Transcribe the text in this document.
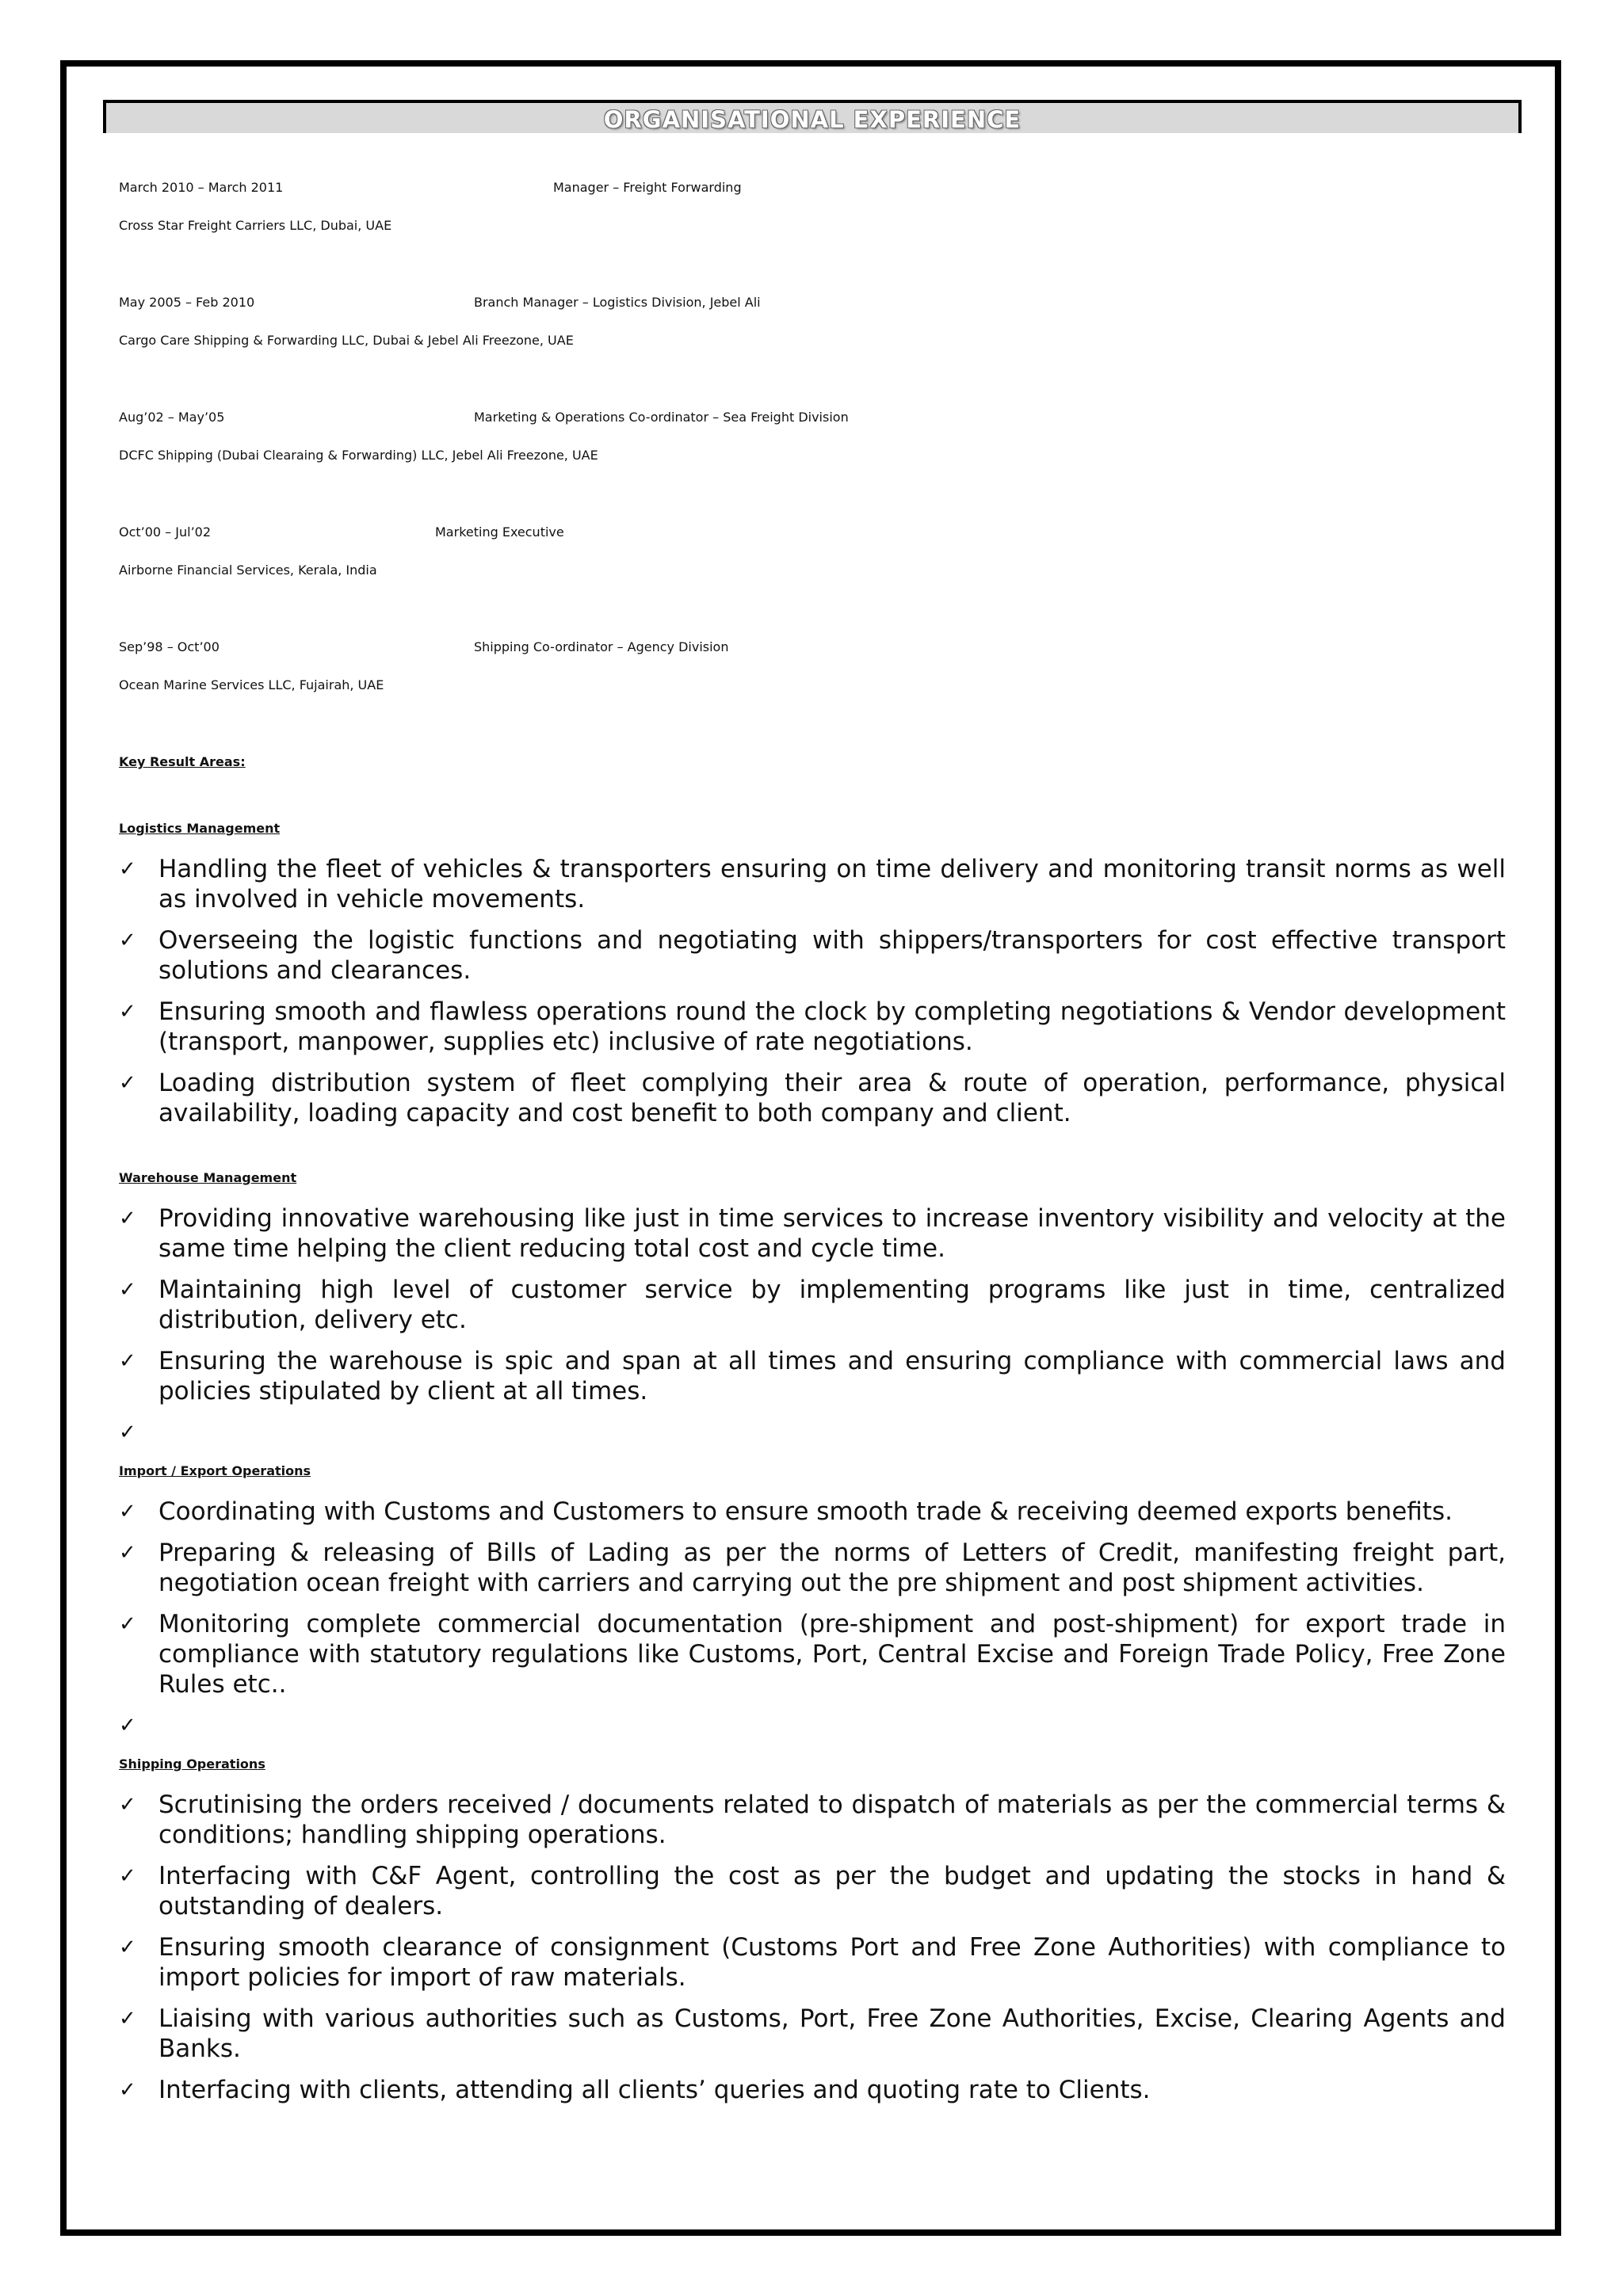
ORGANISATIONAL EXPERIENCE
March 2010 – March 2011	Manager – Freight Forwarding
Cross Star Freight Carriers LLC, Dubai, UAE
May 2005 – Feb 2010	Branch Manager – Logistics Division, Jebel Ali
Cargo Care Shipping & Forwarding LLC, Dubai & Jebel Ali Freezone, UAE
Aug’02 – May’05	Marketing & Operations Co-ordinator – Sea Freight Division
DCFC Shipping (Dubai Clearaing & Forwarding) LLC, Jebel Ali Freezone, UAE
Oct’00 – Jul’02	Marketing Executive
Airborne Financial Services, Kerala, India
Sep’98 – Oct’00	Shipping Co-ordinator – Agency Division
Ocean Marine Services LLC, Fujairah, UAE
Key Result Areas:
Logistics Management
✓ Handling the fleet of vehicles & transporters ensuring on time delivery and monitoring transit norms as well as involved in vehicle movements.
✓ Overseeing the logistic functions and negotiating with shippers/transporters for cost effective transport solutions and clearances.
✓ Ensuring smooth and flawless operations round the clock by completing negotiations & Vendor development (transport, manpower, supplies etc) inclusive of rate negotiations.
✓ Loading distribution system of fleet complying their area & route of operation, performance, physical availability, loading capacity and cost benefit to both company and client.
Warehouse Management
✓ Providing innovative warehousing like just in time services to increase inventory visibility and velocity at the same time helping the client reducing total cost and cycle time.
✓ Maintaining high level of customer service by implementing programs like just in time, centralized distribution, delivery etc.
✓ Ensuring the warehouse is spic and span at all times and ensuring compliance with commercial laws and policies stipulated by client at all times.
✓

Import / Export Operations
✓ Coordinating with Customs and Customers to ensure smooth trade & receiving deemed exports benefits.
✓ Preparing & releasing of Bills of Lading as per the norms of Letters of Credit, manifesting freight part, negotiation ocean freight with carriers and carrying out the pre shipment and post shipment activities.
✓ Monitoring complete commercial documentation (pre-shipment and post-shipment) for export trade in compliance with statutory regulations like Customs, Port, Central Excise and Foreign Trade Policy, Free Zone Rules etc..
✓

Shipping Operations
✓ Scrutinising the orders received / documents related to dispatch of materials as per the commercial terms & conditions; handling shipping operations.
✓ Interfacing with C&F Agent, controlling the cost as per the budget and updating the stocks in hand & outstanding of dealers.
✓ Ensuring smooth clearance of consignment (Customs Port and Free Zone Authorities) with compliance to import policies for import of raw materials.
✓ Liaising with various authorities such as Customs, Port, Free Zone Authorities, Excise, Clearing Agents and Banks.
✓ Interfacing with clients, attending all clients’ queries and quoting rate to Clients.
